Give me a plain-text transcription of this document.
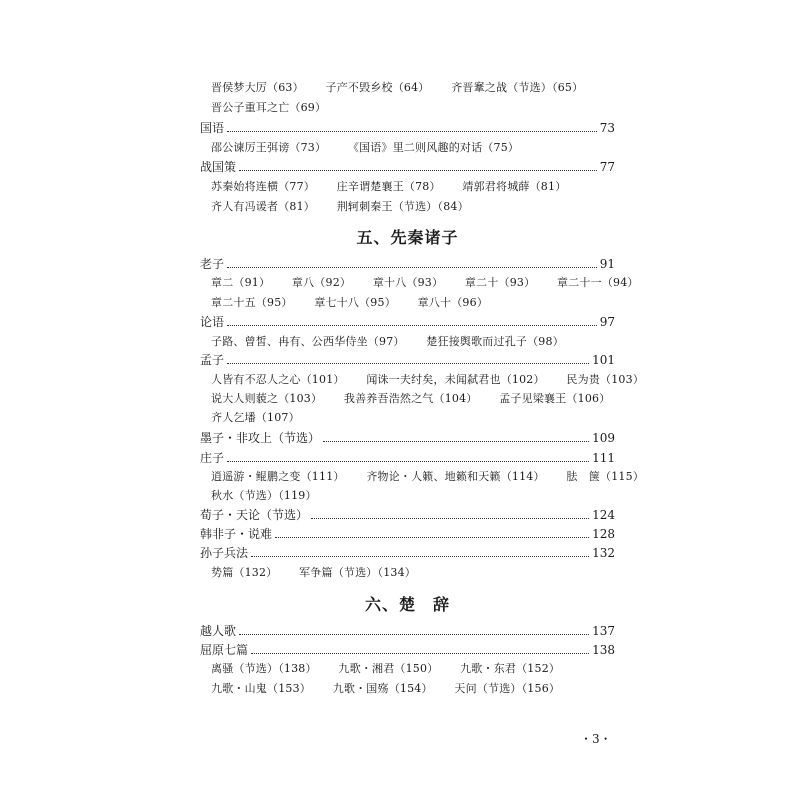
晋侯梦大厉（63） 子产不毁乡校（64） 齐晋鞌之战（节选）（65）
晋公子重耳之亡（69）
国语	73
邵公谏厉王弭谤（73） 《国语》里二则风趣的对话（75）
战国策	77
苏秦始将连横（77） 庄辛谓楚襄王（78） 靖郭君将城薛（81）
齐人有冯谖者（81） 荆轲刺秦王（节选）（84）
五、先秦诸子
老子	91
章二（91） 章八（92） 章十八（93） 章二十（93） 章二十一（94）
章二十五（95） 章七十八（95） 章八十（96）
论语	97
子路、曾皙、冉有、公西华侍坐（97） 楚狂接舆歌而过孔子（98）
孟子	101
人皆有不忍人之心（101） 闻诛一夫纣矣，未闻弑君也（102） 民为贵（103）
说大人则藐之（103） 我善养吾浩然之气（104） 孟子见梁襄王（106）
齐人乞墦（107）
墨子・非攻上（节选）	109
庄子	111
逍遥游・鲲鹏之变（111） 齐物论・人籁、地籁和天籁（114） 胠　箧（115）
秋水（节选）（119）
荀子・天论（节选）	124
韩非子・说难	128
孙子兵法	132
势篇（132） 军争篇（节选）（134）
六、楚　辞
越人歌	137
屈原七篇	138
离骚（节选）（138） 九歌・湘君（150） 九歌・东君（152）
九歌・山鬼（153） 九歌・国殇（154） 天问（节选）（156）
・3・
